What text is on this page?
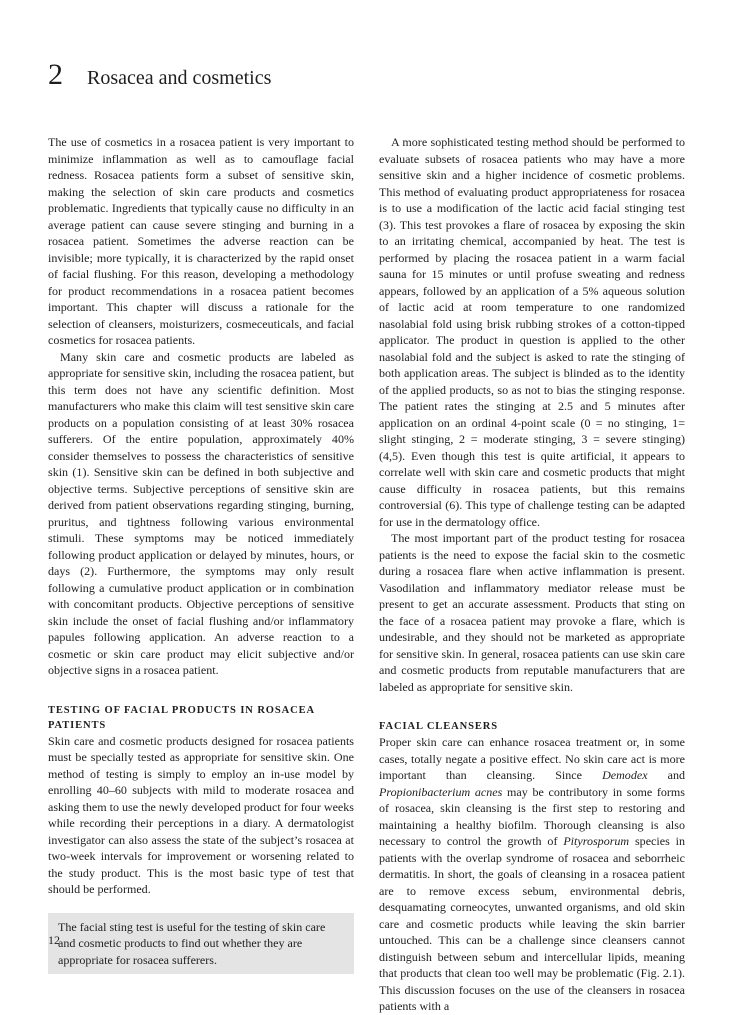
2 Rosacea and cosmetics

The use of cosmetics in a rosacea patient is very important to minimize inflammation as well as to camouflage facial redness. Rosacea patients form a subset of sensitive skin, making the selection of skin care products and cosmetics problematic. Ingredients that typically cause no difficulty in an average patient can cause severe stinging and burning in a rosacea patient. Sometimes the adverse reaction can be invisible; more typically, it is characterized by the rapid onset of facial flushing. For this reason, developing a methodology for product recommendations in a rosacea patient becomes important. This chapter will discuss a rationale for the selection of cleansers, moisturizers, cosmeceuticals, and facial cosmetics for rosacea patients.

Many skin care and cosmetic products are labeled as appropriate for sensitive skin, including the rosacea patient, but this term does not have any scientific definition. Most manufacturers who make this claim will test sensitive skin care products on a population consisting of at least 30% rosacea sufferers. Of the entire population, approximately 40% consider themselves to possess the characteristics of sensitive skin (1). Sensitive skin can be defined in both subjective and objective terms. Subjective perceptions of sensitive skin are derived from patient observations regarding stinging, burning, pruritus, and tightness following various environmental stimuli. These symptoms may be noticed immediately following product application or delayed by minutes, hours, or days (2). Furthermore, the symptoms may only result following a cumulative product application or in combination with concomitant products. Objective perceptions of sensitive skin include the onset of facial flushing and/or inflammatory papules following application. An adverse reaction to a cosmetic or skin care product may elicit subjective and/or objective signs in a rosacea patient.

TESTING OF FACIAL PRODUCTS IN ROSACEA PATIENTS

Skin care and cosmetic products designed for rosacea patients must be specially tested as appropriate for sensitive skin. One method of testing is simply to employ an in-use model by enrolling 40–60 subjects with mild to moderate rosacea and asking them to use the newly developed product for four weeks while recording their perceptions in a diary. A dermatologist investigator can also assess the state of the subject’s rosacea at two-week intervals for improvement or worsening related to the study product. This is the most basic type of test that should be performed.

The facial sting test is useful for the testing of skin care and cosmetic products to find out whether they are appropriate for rosacea sufferers.

A more sophisticated testing method should be performed to evaluate subsets of rosacea patients who may have a more sensitive skin and a higher incidence of cosmetic problems. This method of evaluating product appropriateness for rosacea is to use a modification of the lactic acid facial stinging test (3). This test provokes a flare of rosacea by exposing the skin to an irritating chemical, accompanied by heat. The test is performed by placing the rosacea patient in a warm facial sauna for 15 minutes or until profuse sweating and redness appears, followed by an application of a 5% aqueous solution of lactic acid at room temperature to one randomized nasolabial fold using brisk rubbing strokes of a cotton-tipped applicator. The product in question is applied to the other nasolabial fold and the subject is asked to rate the stinging of both application areas. The subject is blinded as to the identity of the applied products, so as not to bias the stinging response. The patient rates the stinging at 2.5 and 5 minutes after application on an ordinal 4-point scale (0 = no stinging, 1= slight stinging, 2 = moderate stinging, 3 = severe stinging) (4,5). Even though this test is quite artificial, it appears to correlate well with skin care and cosmetic products that might cause difficulty in rosacea patients, but this remains controversial (6). This type of challenge testing can be adapted for use in the dermatology office.

The most important part of the product testing for rosacea patients is the need to expose the facial skin to the cosmetic during a rosacea flare when active inflammation is present. Vasodilation and inflammatory mediator release must be present to get an accurate assessment. Products that sting on the face of a rosacea patient may provoke a flare, which is undesirable, and they should not be marketed as appropriate for sensitive skin. In general, rosacea patients can use skin care and cosmetic products from reputable manufacturers that are labeled as appropriate for sensitive skin.

FACIAL CLEANSERS

Proper skin care can enhance rosacea treatment or, in some cases, totally negate a positive effect. No skin care act is more important than cleansing. Since Demodex and Propionibacterium acnes may be contributory in some forms of rosacea, skin cleansing is the first step to restoring and maintaining a healthy biofilm. Thorough cleansing is also necessary to control the growth of Pityrosporum species in patients with the overlap syndrome of rosacea and seborrheic dermatitis. In short, the goals of cleansing in a rosacea patient are to remove excess sebum, environmental debris, desquamating corneocytes, unwanted organisms, and old skin care and cosmetic products while leaving the skin barrier untouched. This can be a challenge since cleansers cannot distinguish between sebum and intercellular lipids, meaning that products that clean too well may be problematic (Fig. 2.1). This discussion focuses on the use of the cleansers in rosacea patients with a

12
